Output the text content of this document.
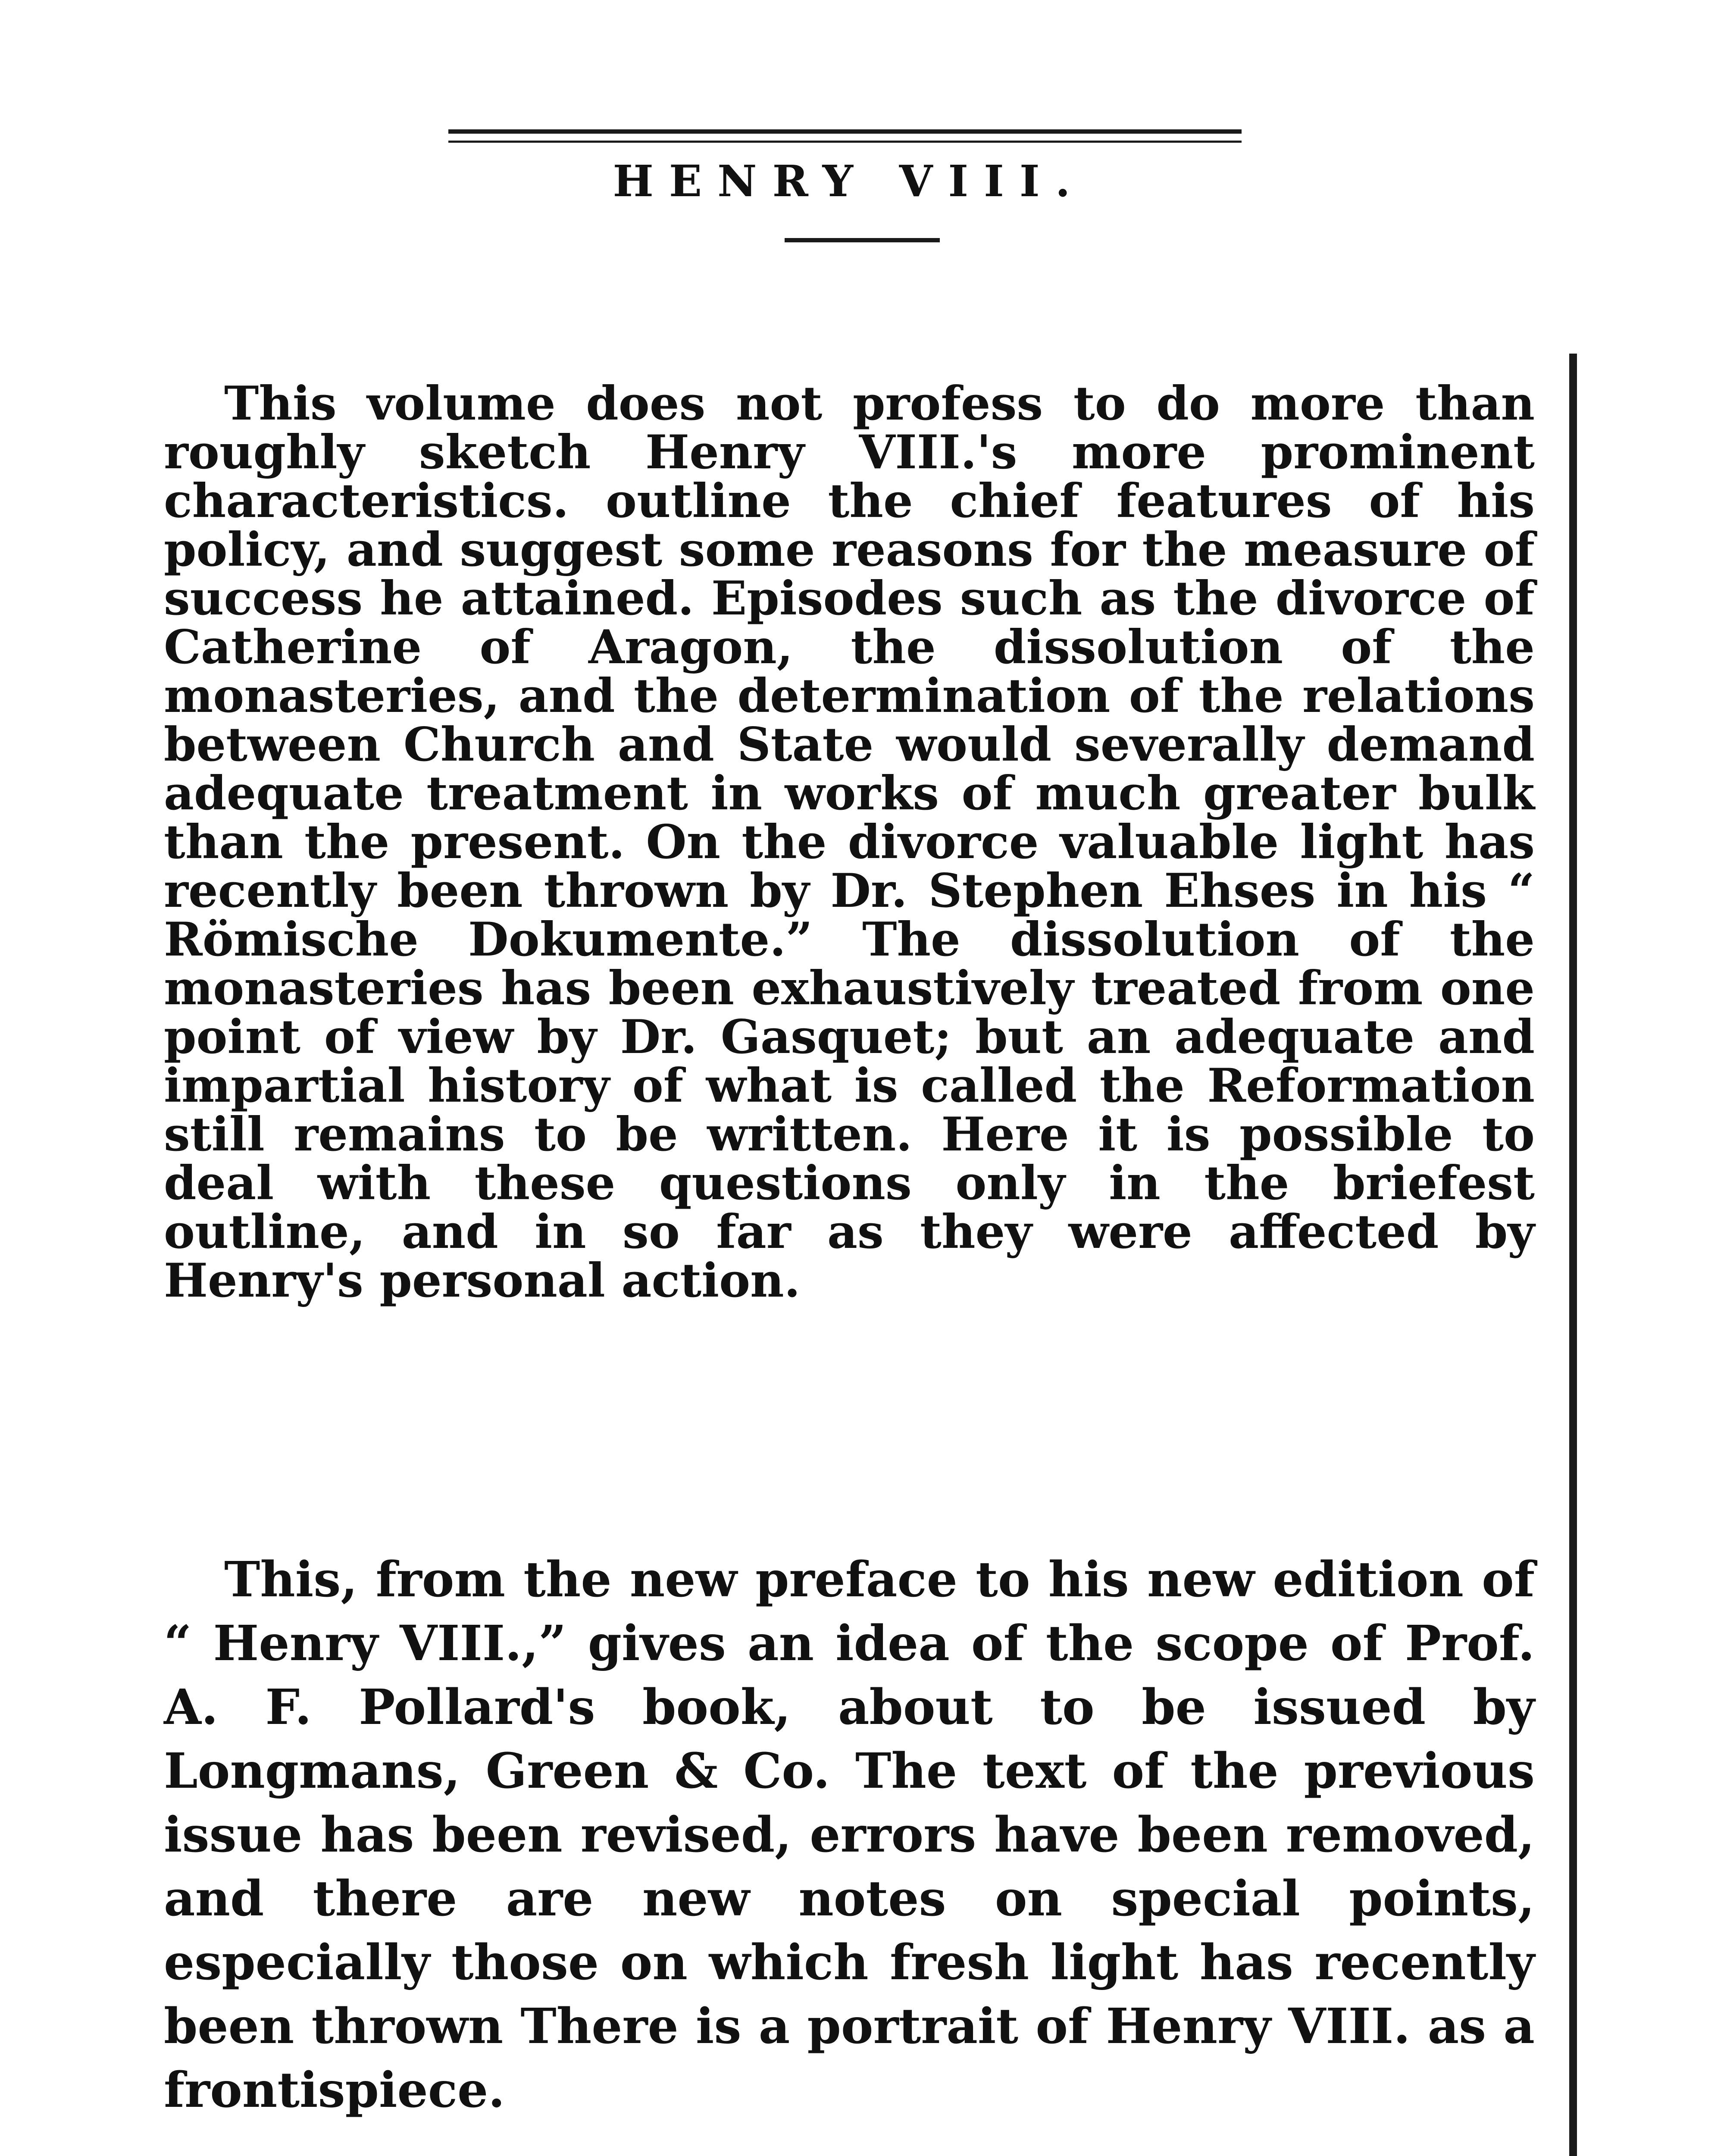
HENRY VIII.

This volume does not profess to do more than roughly sketch Henry VIII.'s more prominent characteristics. outline the chief features of his policy, and suggest some reasons for the measure of success he attained. Episodes such as the divorce of Catherine of Aragon, the dissolution of the monasteries, and the determination of the relations between Church and State would severally demand adequate treatment in works of much greater bulk than the present. On the divorce valuable light has recently been thrown by Dr. Stephen Ehses in his “ Römische Dokumente.” The dissolution of the monasteries has been exhaustively treated from one point of view by Dr. Gasquet; but an adequate and impartial history of what is called the Reformation still remains to be written. Here it is possible to deal with these questions only in the briefest outline, and in so far as they were affected by Henry's personal action.

This, from the new preface to his new edition of “ Henry VIII.,” gives an idea of the scope of Prof. A. F. Pollard's book, about to be issued by Longmans, Green & Co. The text of the previous issue has been revised, errors have been removed, and there are new notes on special points, especially those on which fresh light has recently been thrown There is a portrait of Henry VIII. as a frontispiece.
